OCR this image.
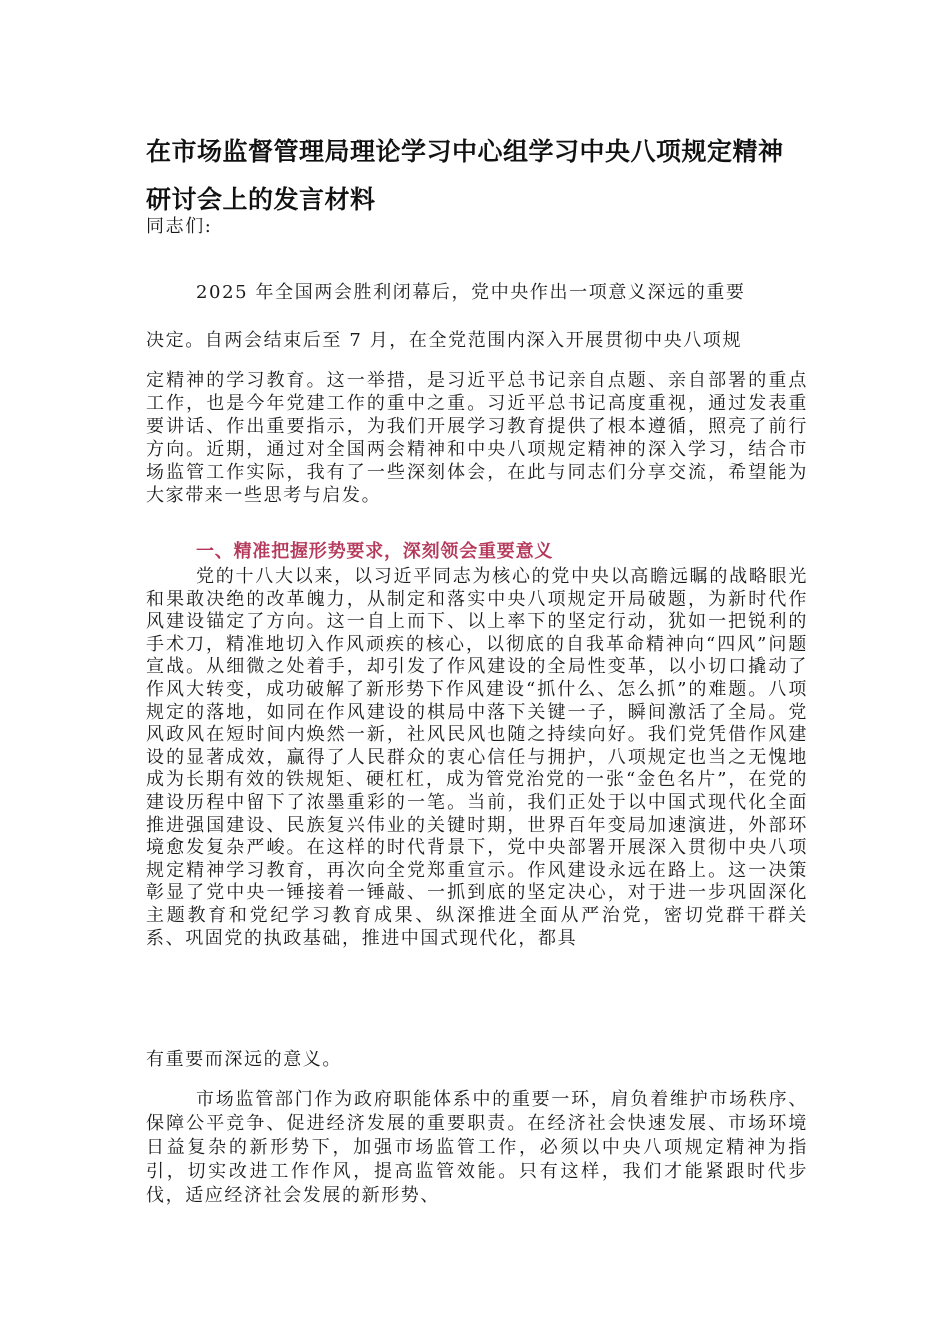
在市场监督管理局理论学习中心组学习中央八项规定精神研讨会上的发言材料

同志们:

2025 年全国两会胜利闭幕后，党中央作出一项意义深远的重要
决定。自两会结束后至 7 月，在全党范围内深入开展贯彻中央八项规
定精神的学习教育。这一举措，是习近平总书记亲自点题、亲自部署的重点工作，也是今年党建工作的重中之重。习近平总书记高度重视，通过发表重要讲话、作出重要指示，为我们开展学习教育提供了根本遵循，照亮了前行方向。近期，通过对全国两会精神和中央八项规定精神的深入学习，结合市场监管工作实际，我有了一些深刻体会，在此与同志们分享交流，希望能为大家带来一些思考与启发。
一、精准把握形势要求，深刻领会重要意义

党的十八大以来，以习近平同志为核心的党中央以高瞻远瞩的战略眼光和果敢决绝的改革魄力，从制定和落实中央八项规定开局破题，为新时代作风建设锚定了方向。这一自上而下、以上率下的坚定行动，犹如一把锐利的手术刀，精准地切入作风顽疾的核心，以彻底的自我革命精神向“四风”问题宣战。从细微之处着手，却引发了作风建设的全局性变革，以小切口撬动了作风大转变，成功破解了新形势下作风建设“抓什么、怎么抓”的难题。八项规定的落地，如同在作风建设的棋局中落下关键一子，瞬间激活了全局。党风政风在短时间内焕然一新，社风民风也随之持续向好。我们党凭借作风建设的显著成效，赢得了人民群众的衷心信任与拥护，八项规定也当之无愧地成为长期有效的铁规矩、硬杠杠，成为管党治党的一张“金色名片”，在党的建设历程中留下了浓墨重彩的一笔。当前，我们正处于以中国式现代化全面推进强国建设、民族复兴伟业的关键时期，世界百年变局加速演进，外部环境愈发复杂严峻。在这样的时代背景下，党中央部署开展深入贯彻中央八项规定精神学习教育，再次向全党郑重宣示。作风建设永远在路上。这一决策彰显了党中央一锤接着一锤敲、一抓到底的坚定决心，对于进一步巩固深化主题教育和党纪学习教育成果、纵深推进全面从严治党，密切党群干群关系、巩固党的执政基础，推进中国式现代化，都具

有重要而深远的意义。

市场监管部门作为政府职能体系中的重要一环，肩负着维护市场秩序、保障公平竞争、促进经济发展的重要职责。在经济社会快速发展、市场环境日益复杂的新形势下，加强市场监管工作，必须以中央八项规定精神为指引，切实改进工作作风，提高监管效能。只有这样，我们才能紧跟时代步伐，适应经济社会发展的新形势、
